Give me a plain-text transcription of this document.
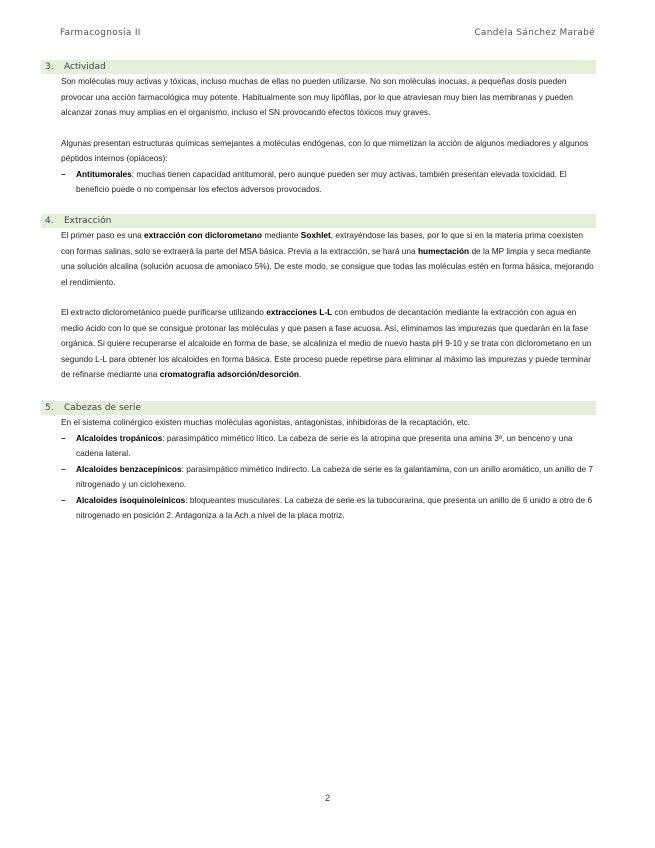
Farmacognosia II	Candela Sánchez Marabé
3. Actividad

Son moléculas muy activas y tóxicas, incluso muchas de ellas no pueden utilizarse. No son moléculas inocuas, a pequeñas dosis pueden provocar una acción farmacológica muy potente. Habitualmente son muy lipófilas, por lo que atraviesan muy bien las membranas y pueden alcanzar zonas muy amplias en el organismo, incluso el SN provocando efectos tóxicos muy graves.

Algunas presentan estructuras químicas semejantes a moléculas endógenas, con lo que mimetizan la acción de algunos mediadores y algunos péptidos internos (opiáceos):

– Antitumorales: muchas tienen capacidad antitumoral, pero aunque pueden ser muy activas, también presentan elevada toxicidad. El beneficio puede o no compensar los efectos adversos provocados.
4. Extracción

El primer paso es una extracción con diclorometano mediante Soxhlet, extrayéndose las bases, por lo que si en la materia prima coexisten con formas salinas, solo se extraerá la parte del MSA básica. Previa a la extracción, se hará una humectación de la MP limpia y seca mediante una solución alcalina (solución acuosa de amoniaco 5%). De este modo, se consigue que todas las moléculas estén en forma básica, mejorando el rendimiento.

El extracto diclorometánico puede purificarse utilizando extracciones L-L con embudos de decantación mediante la extracción con agua en medio ácido con lo que se consigue protonar las moléculas y que pasen a fase acuosa. Así, eliminamos las impurezas que quedarán en la fase orgánica. Si quiere recuperarse el alcaloide en forma de base, se alcaliniza el medio de nuevo hasta pH 9-10 y se trata con diclorometano en un segundo L-L para obtener los alcaloides en forma básica. Este proceso puede repetirse para eliminar al máximo las impurezas y puede terminar de refinarse mediante una cromatografía adsorción/desorción.

5. Cabezas de serie

En el sistema colinérgico existen muchas moléculas agonistas, antagonistas, inhibidoras de la recaptación, etc.

– Alcaloides tropánicos: parasimpático mimético lítico. La cabeza de serie es la atropina que presenta una amina 3ª, un benceno y una cadena lateral.
– Alcaloides benzacepínicos: parasimpático mimético indirecto. La cabeza de serie es la galantamina, con un anillo aromático, un anillo de 7 nitrogenado y un ciclohexeno.
– Alcaloides isoquinoleínicos: bloqueantes musculares. La cabeza de serie es la tubocurarina, que presenta un anillo de 6 unido a otro de 6 nitrogenado en posición 2. Antagoniza a la Ach a nivel de la placa motriz.
2
